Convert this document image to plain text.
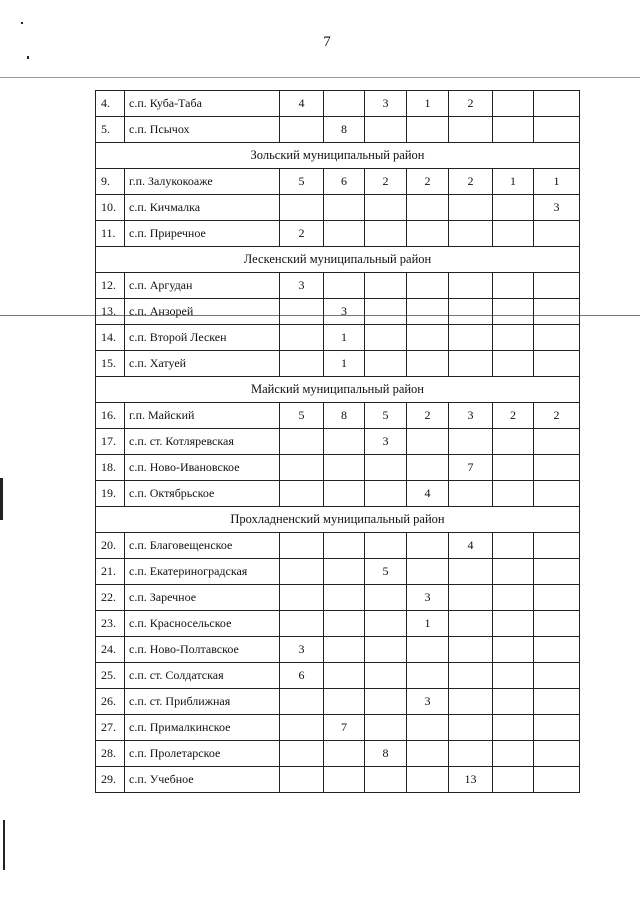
7
4.	с.п. Куба-Таба	4		3	1	2		
5.	с.п. Псычох		8					
Зольский муниципальный район								
9.	г.п. Залукокоаже	5	6	2	2	2	1	1
10.	с.п. Кичмалка							3
11.	с.п. Приречное	2						
Лескенский муниципальный район								
12.	с.п. Аргудан	3						
13.	с.п. Анзорей		3					
14.	с.п. Второй Лескен		1					
15.	с.п. Хатуей		1					
Майский муниципальный район								
16.	г.п. Майский	5	8	5	2	3	2	2
17.	с.п. ст. Котляревская			3				
18.	с.п. Ново-Ивановское					7		
19.	с.п. Октябрьское				4			
Прохладненский муниципальный район								
20.	с.п. Благовещенское					4		
21.	с.п. Екатериноградская			5				
22.	с.п. Заречное				3			
23.	с.п. Красносельское				1			
24.	с.п. Ново-Полтавское	3						
25.	с.п. ст. Солдатская	6						
26.	с.п. ст. Приближная				3			
27.	с.п. Прималкинское		7					
28.	с.п. Пролетарское			8				
29.	с.п. Учебное					13		
